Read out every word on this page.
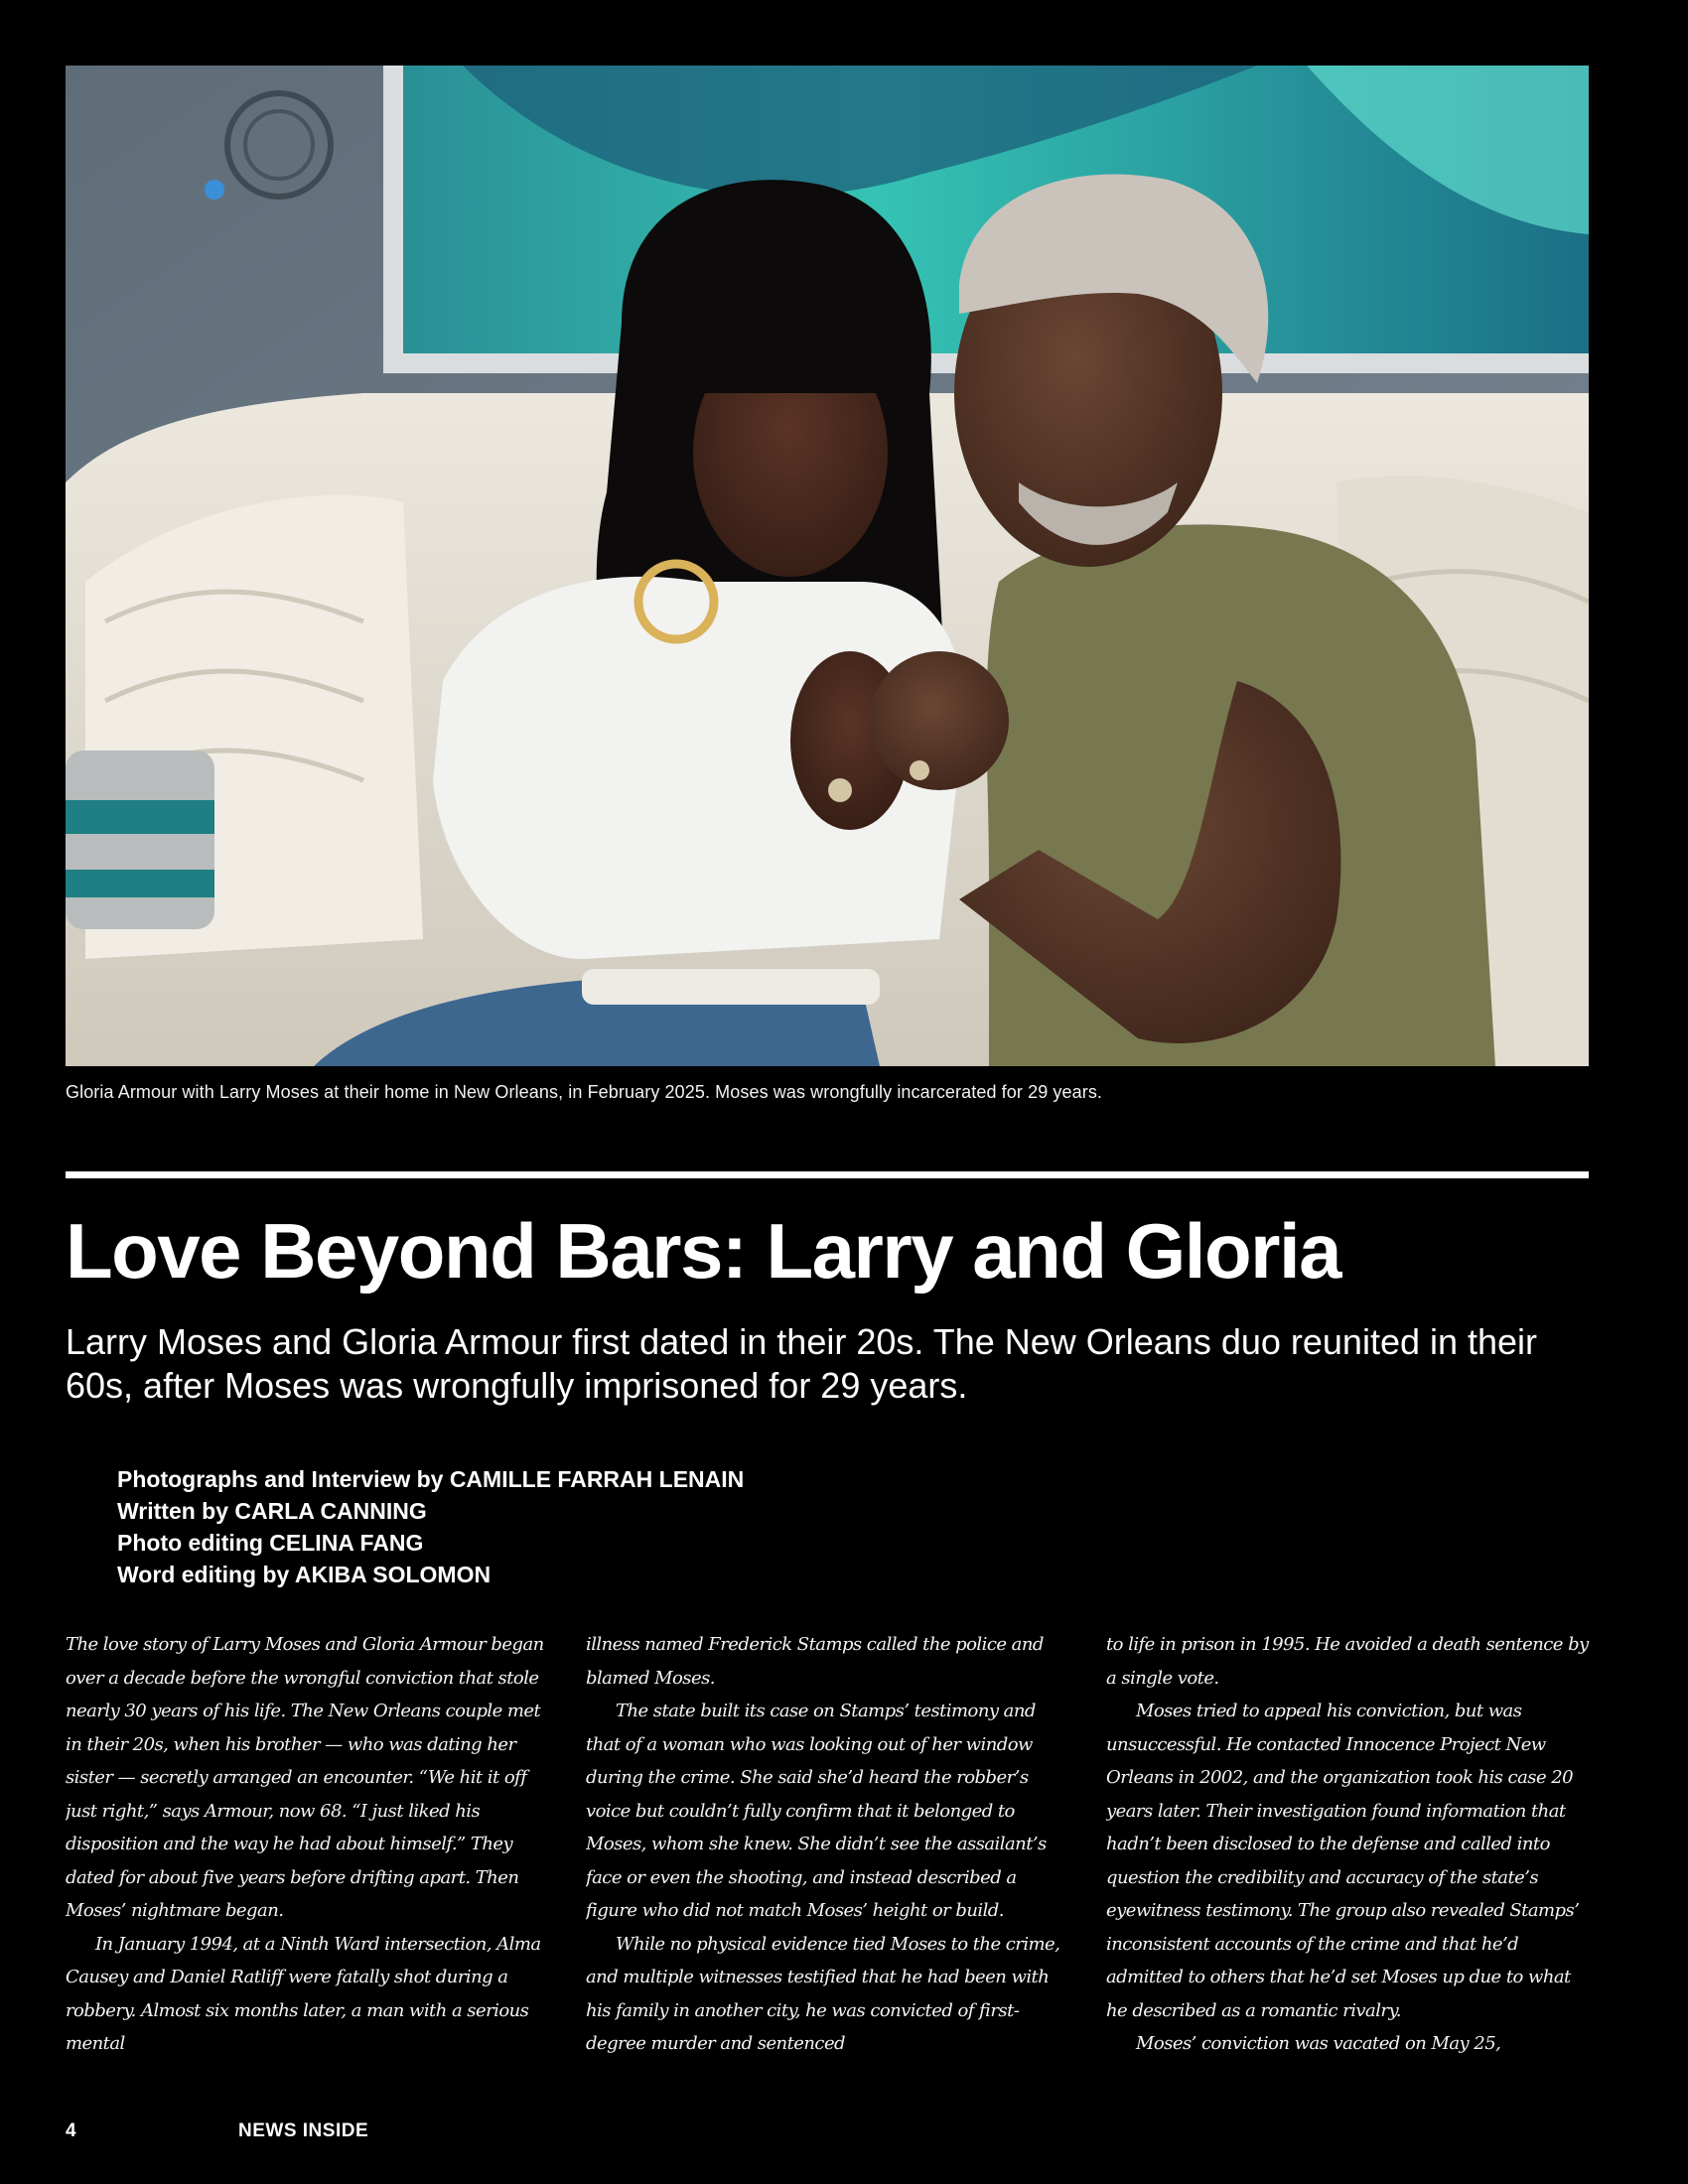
Gloria Armour with Larry Moses at their home in New Orleans, in February 2025. Moses was wrongfully incarcerated for 29 years.
Love Beyond Bars: Larry and Gloria

Larry Moses and Gloria Armour first dated in their 20s. The New Orleans duo reunited in their 60s, after Moses was wrongfully imprisoned for 29 years.

Photographs and Interview by CAMILLE FARRAH LENAIN
Written by CARLA CANNING
Photo editing CELINA FANG
Word editing by AKIBA SOLOMON

The love story of Larry Moses and Gloria Armour began over a decade before the wrongful conviction that stole nearly 30 years of his life. The New Orleans couple met in their 20s, when his brother — who was dating her sister — secretly arranged an encounter. “We hit it off just right,” says Armour, now 68. “I just liked his disposition and the way he had about himself.” They dated for about five years before drifting apart. Then Moses’ nightmare began.

In January 1994, at a Ninth Ward intersection, Alma Causey and Daniel Ratliff were fatally shot during a robbery. Almost six months later, a man with a serious mental

illness named Frederick Stamps called the police and blamed Moses.

The state built its case on Stamps’ testimony and that of a woman who was looking out of her window during the crime. She said she’d heard the robber’s voice but couldn’t fully confirm that it belonged to Moses, whom she knew. She didn’t see the assailant’s face or even the shooting, and instead described a figure who did not match Moses’ height or build.

While no physical evidence tied Moses to the crime, and multiple witnesses testified that he had been with his family in another city, he was convicted of first-degree murder and sentenced

to life in prison in 1995. He avoided a death sentence by a single vote.

Moses tried to appeal his conviction, but was unsuccessful. He contacted Innocence Project New Orleans in 2002, and the organization took his case 20 years later. Their investigation found information that hadn’t been disclosed to the defense and called into question the credibility and accuracy of the state’s eyewitness testimony. The group also revealed Stamps’ inconsistent accounts of the crime and that he’d admitted to others that he’d set Moses up due to what he described as a romantic rivalry.

Moses’ conviction was vacated on May 25,

4	NEWS INSIDE
